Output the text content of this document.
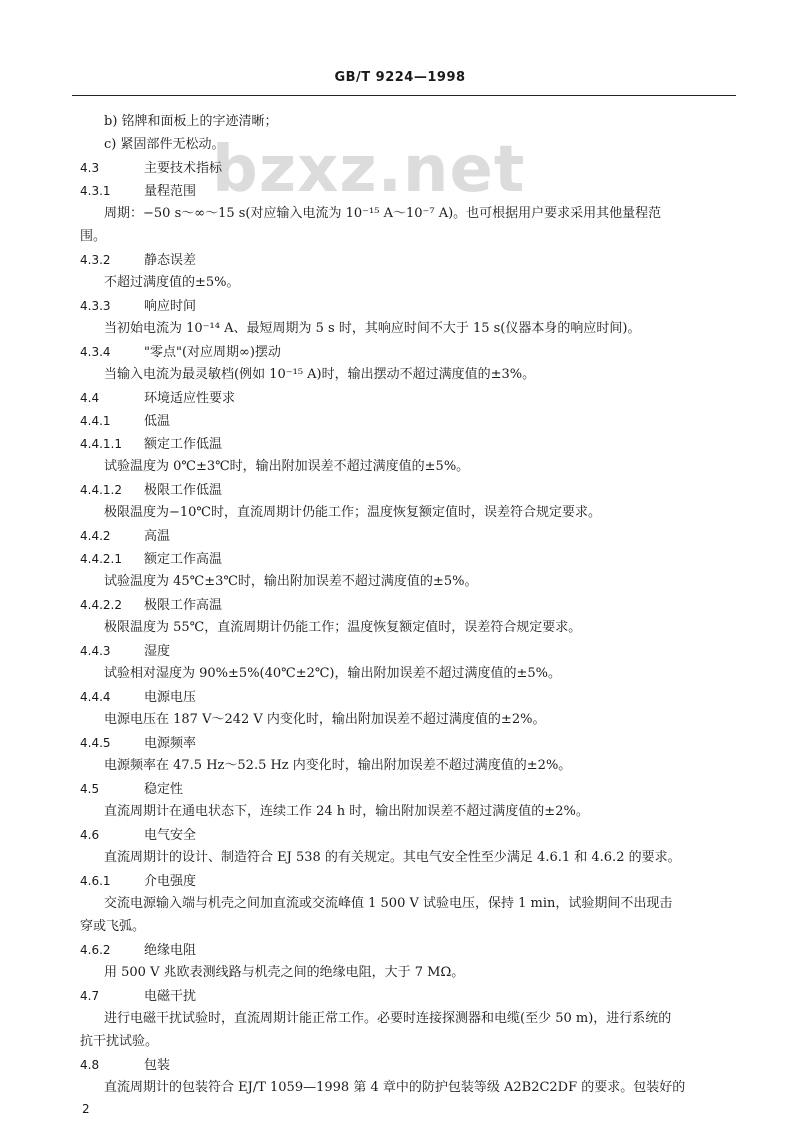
GB/T 9224—1998
bzxz.net
b) 铭牌和面板上的字迹清晰；
c) 紧固部件无松动。
4.3	主要技术指标
4.3.1	量程范围
周期：−50 s～∞～15 s(对应输入电流为 10⁻¹⁵ A～10⁻⁷ A)。也可根据用户要求采用其他量程范
围。
4.3.2	静态误差
不超过满度值的±5%。
4.3.3	响应时间
当初始电流为 10⁻¹⁴ A、最短周期为 5 s 时，其响应时间不大于 15 s(仪器本身的响应时间)。
4.3.4	"零点"(对应周期∞)摆动
当输入电流为最灵敏档(例如 10⁻¹⁵ A)时，输出摆动不超过满度值的±3%。
4.4	环境适应性要求
4.4.1	低温
4.4.1.1 额定工作低温
试验温度为 0℃±3℃时，输出附加误差不超过满度值的±5%。
4.4.1.2 极限工作低温
极限温度为−10℃时，直流周期计仍能工作；温度恢复额定值时，误差符合规定要求。
4.4.2	高温
4.4.2.1 额定工作高温
试验温度为 45℃±3℃时，输出附加误差不超过满度值的±5%。
4.4.2.2 极限工作高温
极限温度为 55℃，直流周期计仍能工作；温度恢复额定值时，误差符合规定要求。
4.4.3	湿度
试验相对湿度为 90%±5%(40℃±2℃)，输出附加误差不超过满度值的±5%。
4.4.4	电源电压
电源电压在 187 V～242 V 内变化时，输出附加误差不超过满度值的±2%。
4.4.5	电源频率
电源频率在 47.5 Hz～52.5 Hz 内变化时，输出附加误差不超过满度值的±2%。
4.5	稳定性
直流周期计在通电状态下，连续工作 24 h 时，输出附加误差不超过满度值的±2%。
4.6	电气安全
直流周期计的设计、制造符合 EJ 538 的有关规定。其电气安全性至少满足 4.6.1 和 4.6.2 的要求。
4.6.1	介电强度
交流电源输入端与机壳之间加直流或交流峰值 1 500 V 试验电压，保持 1 min，试验期间不出现击
穿或飞弧。
4.6.2	绝缘电阻
用 500 V 兆欧表测线路与机壳之间的绝缘电阻，大于 7 MΩ。
4.7	电磁干扰
进行电磁干扰试验时，直流周期计能正常工作。必要时连接探测器和电缆(至少 50 m)，进行系统的
抗干扰试验。
4.8	包装
直流周期计的包装符合 EJ/T 1059—1998 第 4 章中的防护包装等级 A2B2C2DF 的要求。包装好的
2
